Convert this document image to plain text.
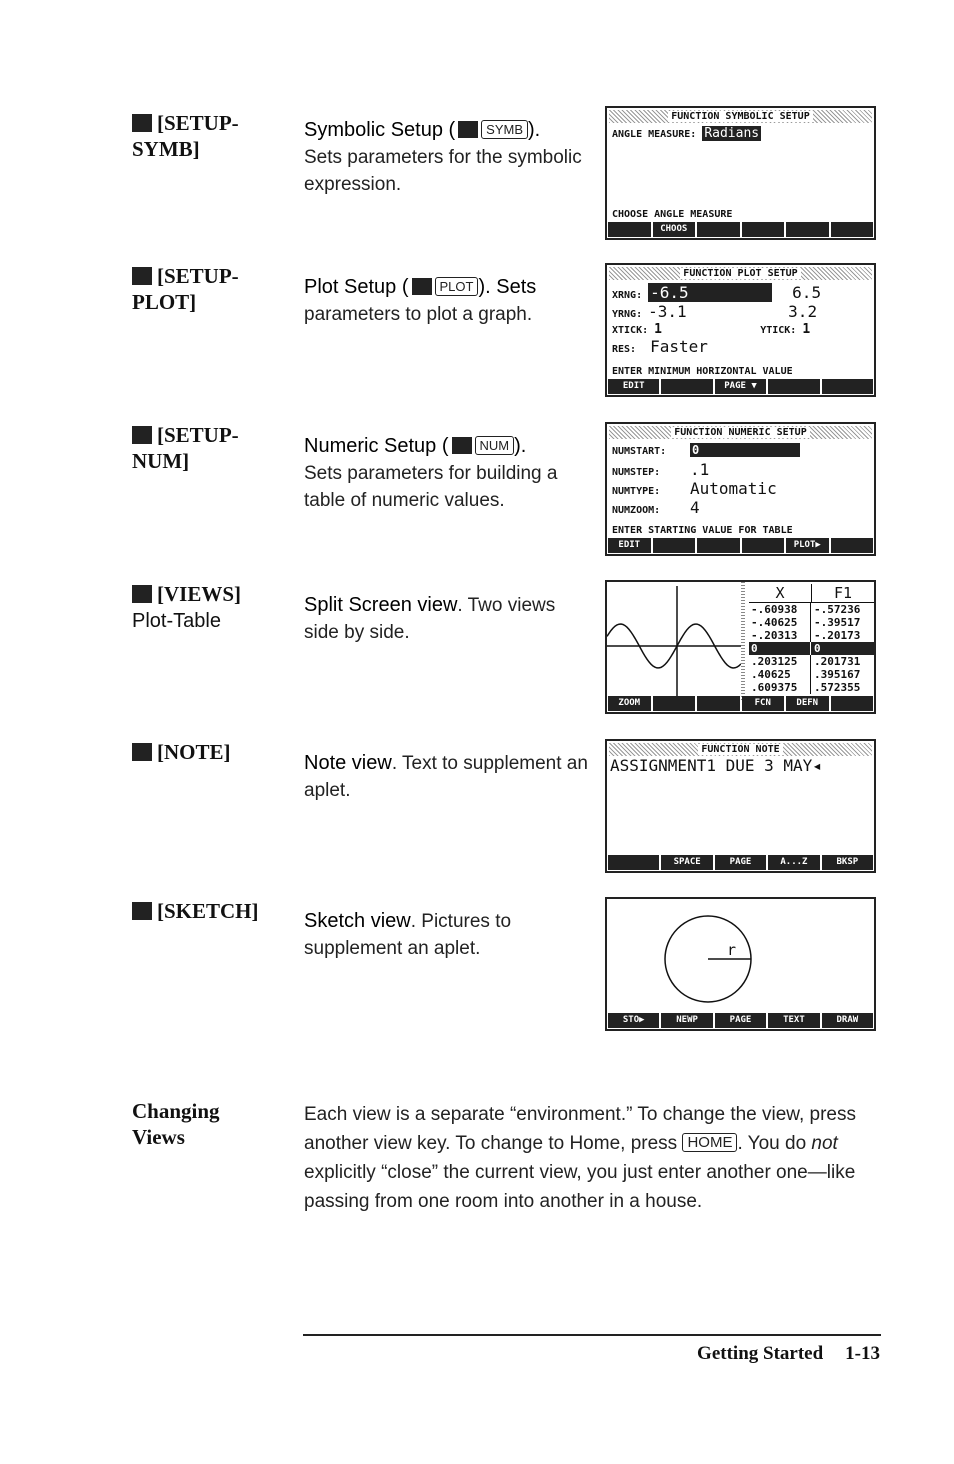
[SETUP-
SYMB]
Symbolic Setup ( SYMB ).
Sets parameters for the symbolic expression.
FUNCTION SYMBOLIC SETUP
ANGLE MEASURE: Radians
CHOOSE ANGLE MEASURE
CHOOS
[SETUP-
PLOT]
Plot Setup ( PLOT ). Sets
parameters to plot a graph.
FUNCTION PLOT SETUP
XRNG: -6.5	6.5
YRNG: -3.1	3.2
XTICK: 1	YTICK: 1
RES: Faster
ENTER MINIMUM HORIZONTAL VALUE
EDIT	PAGE ▼
[SETUP-
NUM]
Numeric Setup ( NUM ).
Sets parameters for building a table of numeric values.
FUNCTION NUMERIC SETUP
NUMSTART: 0
NUMSTEP: .1
NUMTYPE: Automatic
NUMZOOM: 4
ENTER STARTING VALUE FOR TABLE
EDIT	PLOT▶
[VIEWS]
Plot-Table
Split Screen view. Two views side by side.
X	F1
-.60938	-.57236
-.40625	-.39517
-.20313	-.20173
0	0
.203125	.201731
.40625	.395167
.609375	.572355
ZOOM	FCN	DEFN
[NOTE]	Note view. Text to supplement an aplet.
FUNCTION NOTE
ASSIGNMENT1 DUE 3 MAY◂
SPACE	PAGE	A...Z	BKSP
[SKETCH]	Sketch view. Pictures to supplement an aplet.	r
STO▶	NEWP	PAGE	TEXT	DRAW
Changing
Views
Each view is a separate “environment.” To change the view, press another view key. To change to Home, press HOME . You do not explicitly “close” the current view, you just enter another one—like passing from one room into another in a house.
Getting Started 1-13
